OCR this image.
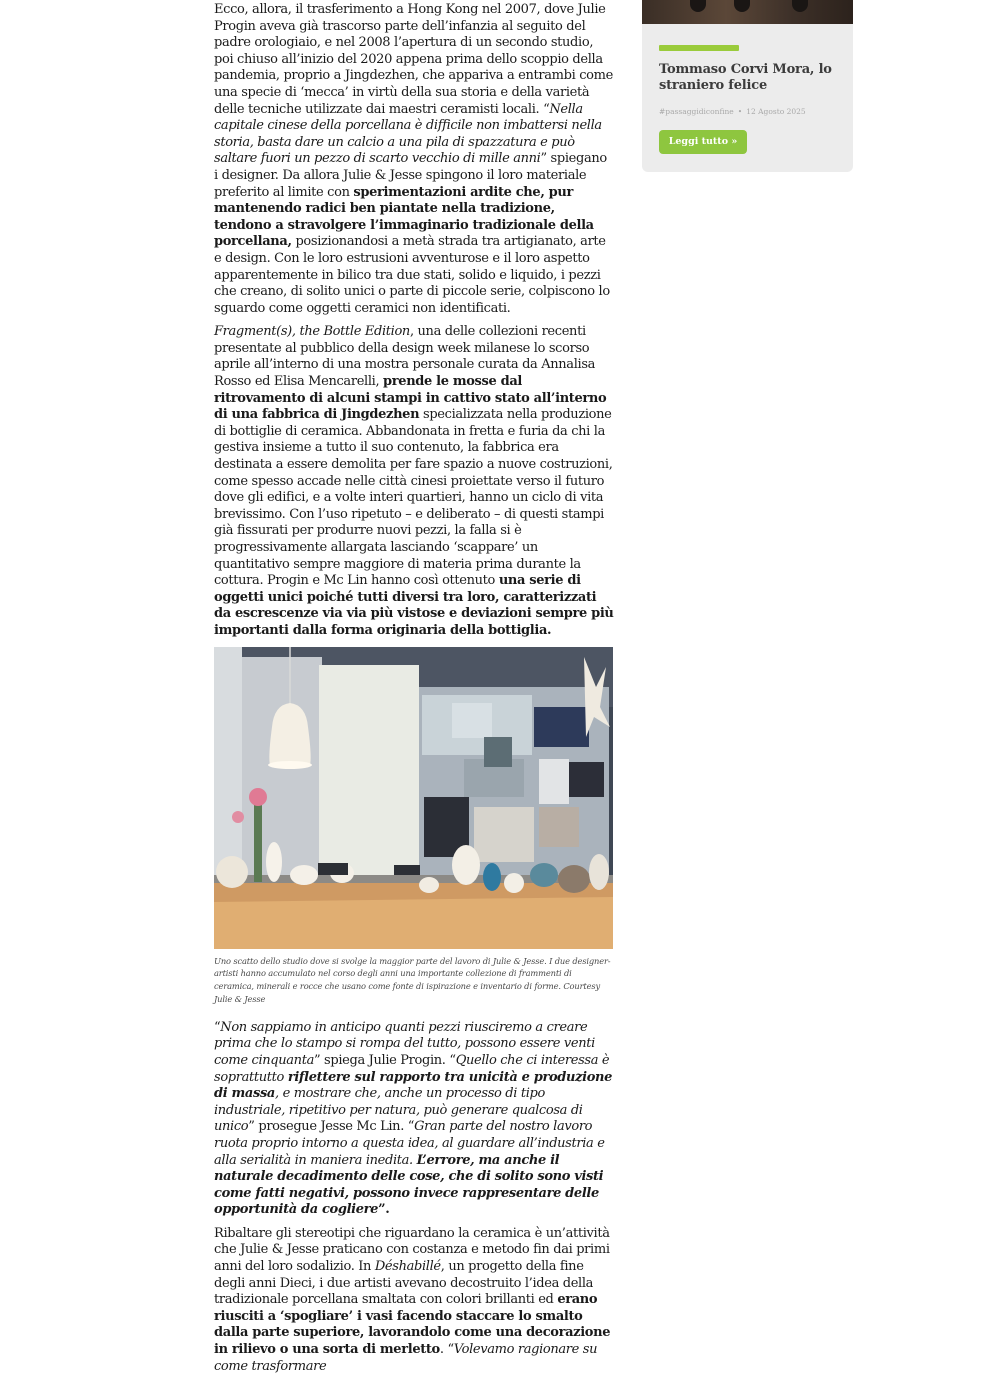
Ecco, allora, il trasferimento a Hong Kong nel 2007, dove Julie Progin aveva già trascorso parte dell’infanzia al seguito del padre orologiaio, e nel 2008 l’apertura di un secondo studio, poi chiuso all’inizio del 2020 appena prima dello scoppio della pandemia, proprio a Jingdezhen, che appariva a entrambi come una specie di ‘mecca’ in virtù della sua storia e della varietà delle tecniche utilizzate dai maestri ceramisti locali. “Nella capitale cinese della porcellana è difficile non imbattersi nella storia, basta dare un calcio a una pila di spazzatura e può saltare fuori un pezzo di scarto vecchio di mille anni” spiegano i designer. Da allora Julie & Jesse spingono il loro materiale preferito al limite con sperimentazioni ardite che, pur mantenendo radici ben piantate nella tradizione, tendono a stravolgere l’immaginario tradizionale della porcellana, posizionandosi a metà strada tra artigianato, arte e design. Con le loro estrusioni avventurose e il loro aspetto apparentemente in bilico tra due stati, solido e liquido, i pezzi che creano, di solito unici o parte di piccole serie, colpiscono lo sguardo come oggetti ceramici non identificati.

Fragment(s), the Bottle Edition, una delle collezioni recenti presentate al pubblico della design week milanese lo scorso aprile all’interno di una mostra personale curata da Annalisa Rosso ed Elisa Mencarelli, prende le mosse dal ritrovamento di alcuni stampi in cattivo stato all’interno di una fabbrica di Jingdezhen specializzata nella produzione di bottiglie di ceramica. Abbandonata in fretta e furia da chi la gestiva insieme a tutto il suo contenuto, la fabbrica era destinata a essere demolita per fare spazio a nuove costruzioni, come spesso accade nelle città cinesi proiettate verso il futuro dove gli edifici, e a volte interi quartieri, hanno un ciclo di vita brevissimo. Con l’uso ripetuto – e deliberato – di questi stampi già fissurati per produrre nuovi pezzi, la falla si è progressivamente allargata lasciando ‘scappare’ un quantitativo sempre maggiore di materia prima durante la cottura. Progin e Mc Lin hanno così ottenuto una serie di oggetti unici poiché tutti diversi tra loro, caratterizzati da escrescenze via via più vistose e deviazioni sempre più importanti dalla forma originaria della bottiglia.

Uno scatto dello studio dove si svolge la maggior parte del lavoro di Julie & Jesse. I due designer-artisti hanno accumulato nel corso degli anni una importante collezione di frammenti di ceramica, minerali e rocce che usano come fonte di ispirazione e inventario di forme. Courtesy Julie & Jesse

“Non sappiamo in anticipo quanti pezzi riusciremo a creare prima che lo stampo si rompa del tutto, possono essere venti come cinquanta” spiega Julie Progin. “Quello che ci interessa è soprattutto riflettere sul rapporto tra unicità e produzione di massa, e mostrare che, anche un processo di tipo industriale, ripetitivo per natura, può generare qualcosa di unico” prosegue Jesse Mc Lin. “Gran parte del nostro lavoro ruota proprio intorno a questa idea, al guardare all’industria e alla serialità in maniera inedita. L’errore, ma anche il naturale decadimento delle cose, che di solito sono visti come fatti negativi, possono invece rappresentare delle opportunità da cogliere”.

Ribaltare gli stereotipi che riguardano la ceramica è un’attività che Julie & Jesse praticano con costanza e metodo fin dai primi anni del loro sodalizio. In Déshabillé, un progetto della fine degli anni Dieci, i due artisti avevano decostruito l’idea della tradizionale porcellana smaltata con colori brillanti ed erano riusciti a ‘spogliare’ i vasi facendo staccare lo smalto dalla parte superiore, lavorandolo come una decorazione in rilievo o una sorta di merletto. “Volevamo ragionare su come trasformare

Tommaso Corvi Mora, lo straniero felice
#passaggidiconfine • 12 Agosto 2025
Leggi tutto »
